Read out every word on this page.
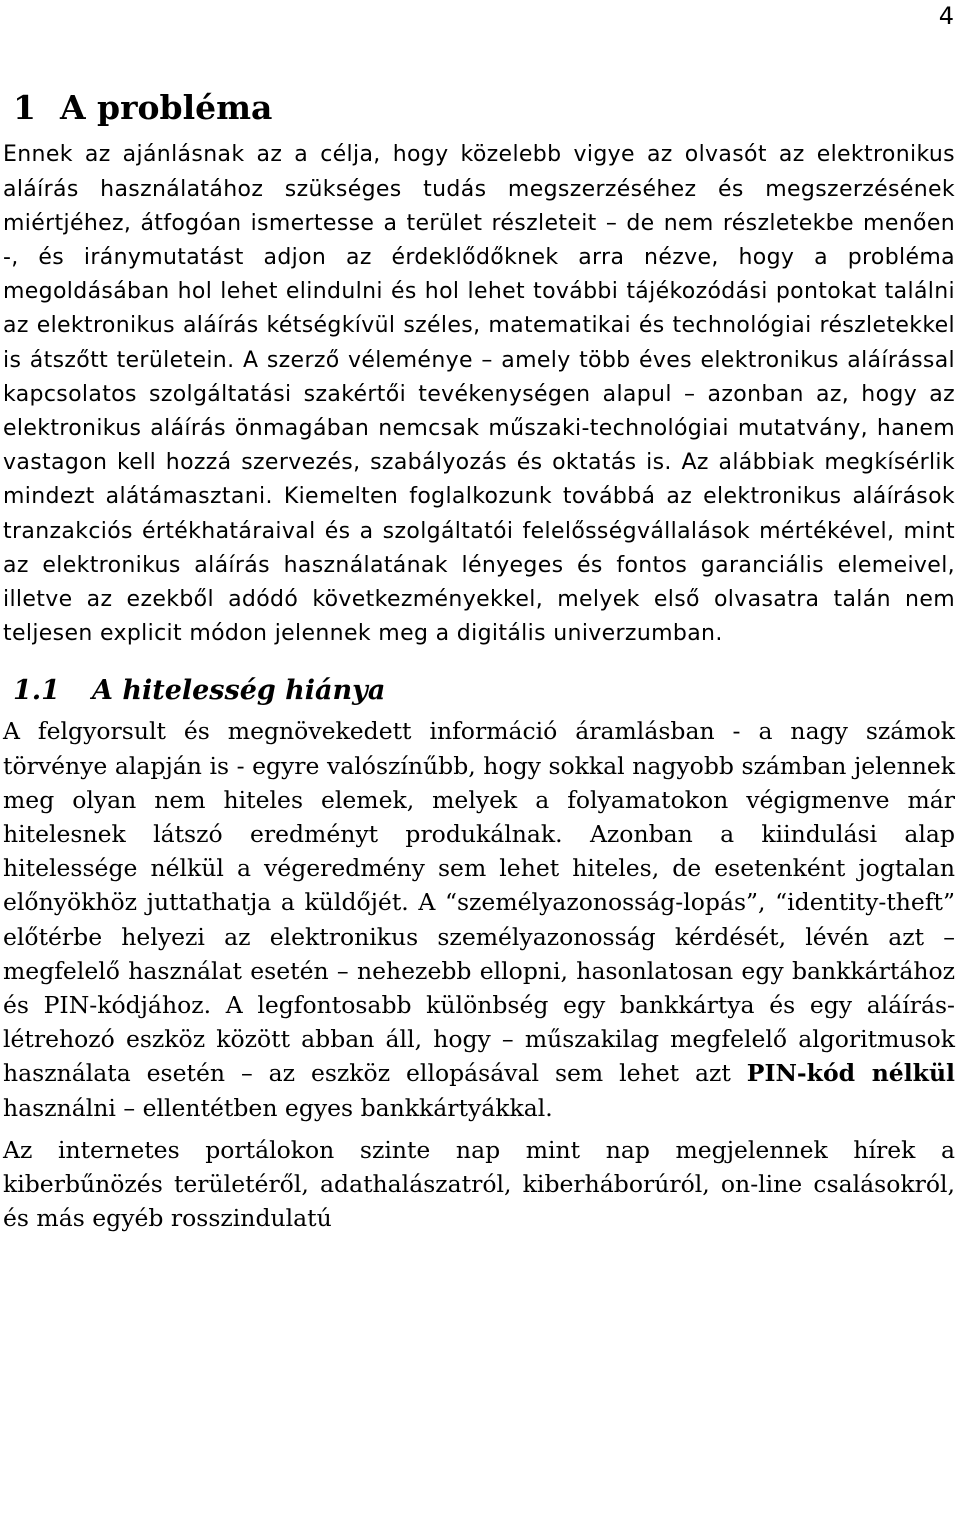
4
1 A probléma

Ennek az ajánlásnak az a célja, hogy közelebb vigye az olvasót az elektronikus aláírás használatához szükséges tudás megszerzéséhez és megszerzésének miértjéhez, átfogóan ismertesse a terület részleteit – de nem részletekbe menően -, és iránymutatást adjon az érdeklődőknek arra nézve, hogy a probléma megoldásában hol lehet elindulni és hol lehet további tájékozódási pontokat találni az elektronikus aláírás kétségkívül széles, matematikai és technológiai részletekkel is átszőtt területein. A szerző véleménye – amely több éves elektronikus aláírással kapcsolatos szolgáltatási szakértői tevékenységen alapul – azonban az, hogy az elektronikus aláírás önmagában nemcsak műszaki-technológiai mutatvány, hanem vastagon kell hozzá szervezés, szabályozás és oktatás is. Az alábbiak megkísérlik mindezt alátámasztani. Kiemelten foglalkozunk továbbá az elektronikus aláírások tranzakciós értékhatáraival és a szolgáltatói felelősségvállalások mértékével, mint az elektronikus aláírás használatának lényeges és fontos garanciális elemeivel, illetve az ezekből adódó következményekkel, melyek első olvasatra talán nem teljesen explicit módon jelennek meg a digitális univerzumban.

1.1 A hitelesség hiánya

A felgyorsult és megnövekedett információ áramlásban - a nagy számok törvénye alapján is - egyre valószínűbb, hogy sokkal nagyobb számban jelennek meg olyan nem hiteles elemek, melyek a folyamatokon végigmenve már hitelesnek látszó eredményt produkálnak. Azonban a kiindulási alap hitelessége nélkül a végeredmény sem lehet hiteles, de esetenként jogtalan előnyökhöz juttathatja a küldőjét. A “személyazonosság-lopás”, “identity-theft” előtérbe helyezi az elektronikus személyazonosság kérdését, lévén azt – megfelelő használat esetén – nehezebb ellopni, hasonlatosan egy bankkártához és PIN-kódjához. A legfontosabb különbség egy bankkártya és egy aláírás-létrehozó eszköz között abban áll, hogy – műszakilag megfelelő algoritmusok használata esetén – az eszköz ellopásával sem lehet azt PIN-kód nélkül használni – ellentétben egyes bankkártyákkal.

Az internetes portálokon szinte nap mint nap megjelennek hírek a kiberbűnözés területéről, adathalászatról, kiberháborúról, on-line csalásokról, és más egyéb rosszindulatú
